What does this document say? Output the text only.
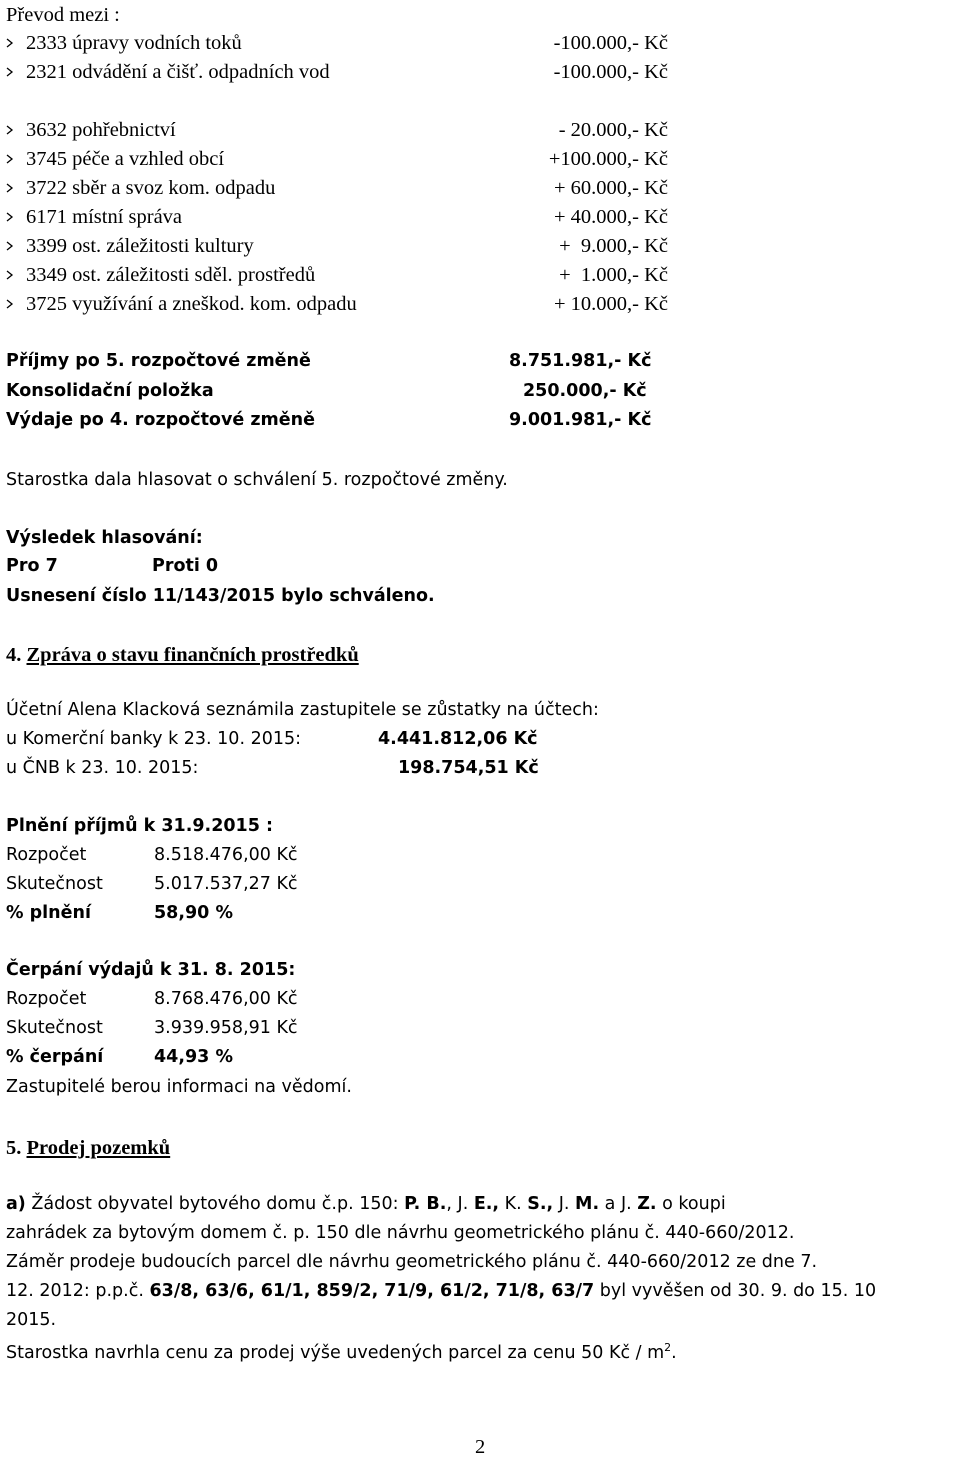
Převod mezi :
2333 úpravy vodních toků	-100.000,- Kč
2321 odvádění a čišť. odpadních vod	-100.000,- Kč
3632 pohřebnictví	- 20.000,- Kč
3745 péče a vzhled obcí	+100.000,- Kč
3722 sběr a svoz kom. odpadu	+ 60.000,- Kč
6171 místní správa	+ 40.000,- Kč
3399 ost. záležitosti kultury	+  9.000,- Kč
3349 ost. záležitosti sděl. prostředů	+  1.000,- Kč
3725 využívání a zneškod. kom. odpadu	+ 10.000,- Kč
Příjmy po 5. rozpočtové změně	8.751.981,- Kč
Konsolidační položka	250.000,- Kč
Výdaje po 4. rozpočtové změně	9.001.981,- Kč
Starostka dala hlasovat o schválení 5. rozpočtové změny.
Výsledek hlasování:
Pro 7	Proti 0
Usnesení číslo 11/143/2015 bylo schváleno.
4. Zpráva o stavu finančních prostředků
Účetní Alena Klacková seznámila zastupitele se zůstatky na účtech:
u Komerční banky k 23. 10. 2015:	4.441.812,06 Kč
u ČNB k 23. 10. 2015:	198.754,51 Kč
Plnění příjmů k 31.9.2015 :
Rozpočet	8.518.476,00 Kč
Skutečnost	5.017.537,27 Kč
% plnění	58,90 %
Čerpání výdajů k 31. 8. 2015:
Rozpočet	8.768.476,00 Kč
Skutečnost	3.939.958,91 Kč
% čerpání	44,93 %
Zastupitelé berou informaci na vědomí.
5. Prodej pozemků
a) Žádost obyvatel bytového domu č.p. 150: P. B., J. E., K. S., J. M. a J. Z. o koupi
zahrádek za bytovým domem č. p. 150 dle návrhu geometrického plánu č. 440-660/2012.
Záměr prodeje budoucích parcel dle návrhu geometrického plánu č. 440-660/2012 ze dne 7.
12. 2012: p.p.č. 63/8, 63/6, 61/1, 859/2, 71/9, 61/2, 71/8, 63/7 byl vyvěšen od 30. 9. do 15. 10
2015.
Starostka navrhla cenu za prodej výše uvedených parcel za cenu 50 Kč / $m^2$.
2
